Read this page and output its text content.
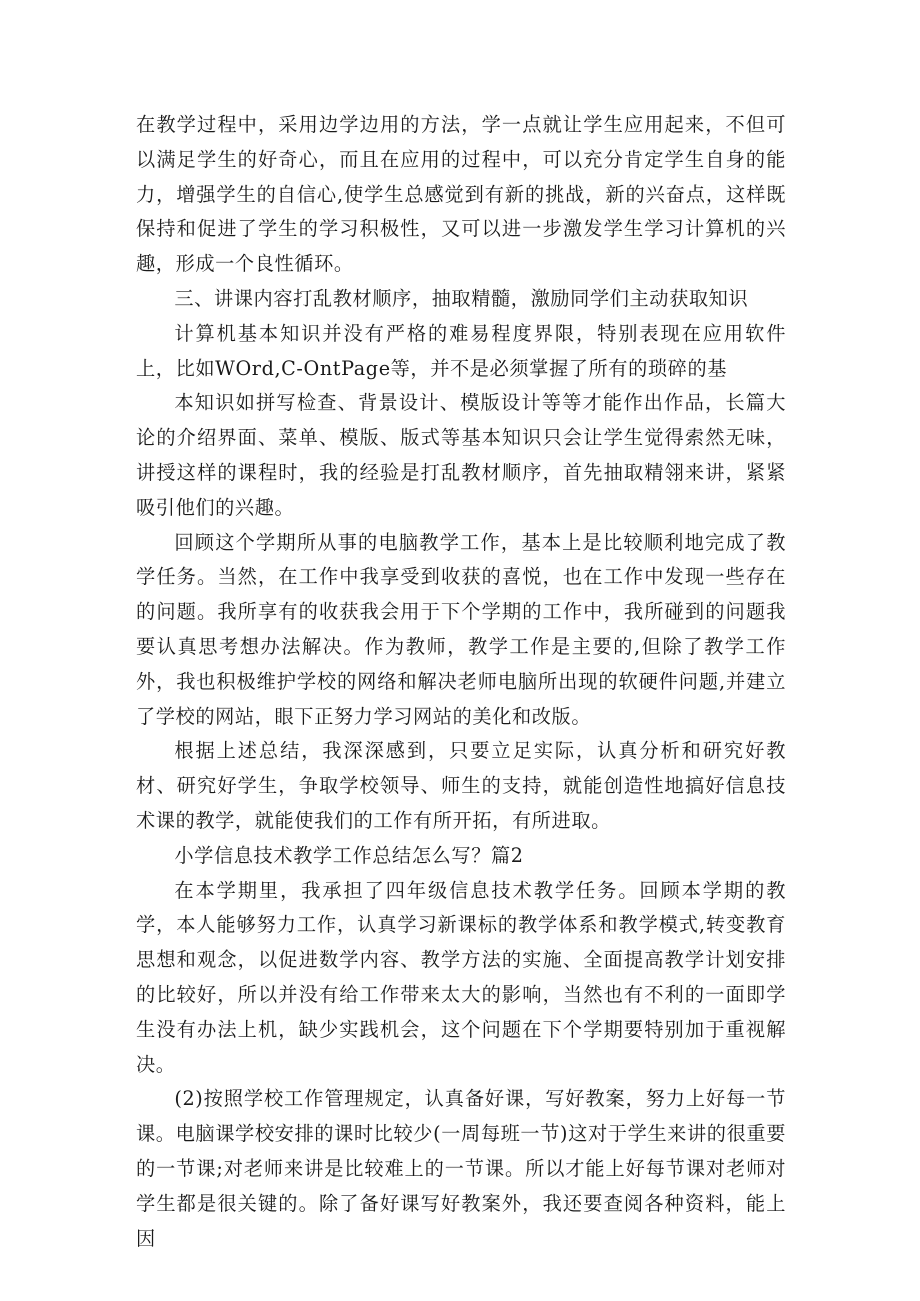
在教学过程中，采用边学边用的方法，学一点就让学生应用起来，不但可以满足学生的好奇心，而且在应用的过程中，可以充分肯定学生自身的能力，增强学生的自信心,使学生总感觉到有新的挑战，新的兴奋点，这样既保持和促进了学生的学习积极性，又可以进一步激发学生学习计算机的兴趣，形成一个良性循环。

三、讲课内容打乱教材顺序，抽取精髓，激励同学们主动获取知识

计算机基本知识并没有严格的难易程度界限，特别表现在应用软件上，比如WOrd,C-OntPage等，并不是必须掌握了所有的琐碎的基

本知识如拼写检查、背景设计、模版设计等等才能作出作品，长篇大论的介绍界面、菜单、模版、版式等基本知识只会让学生觉得索然无味，讲授这样的课程时，我的经验是打乱教材顺序，首先抽取精翎来讲，紧紧吸引他们的兴趣。

回顾这个学期所从事的电脑教学工作，基本上是比较顺利地完成了教学任务。当然，在工作中我享受到收获的喜悦，也在工作中发现一些存在的问题。我所享有的收获我会用于下个学期的工作中，我所碰到的问题我要认真思考想办法解决。作为教师，教学工作是主要的,但除了教学工作外，我也积极维护学校的网络和解决老师电脑所出现的软硬件问题,并建立了学校的网站，眼下正努力学习网站的美化和改版。

根据上述总结，我深深感到，只要立足实际，认真分析和研究好教材、研究好学生，争取学校领导、师生的支持，就能创造性地搞好信息技术课的教学，就能使我们的工作有所开拓，有所进取。

小学信息技术教学工作总结怎么写？篇2

在本学期里，我承担了四年级信息技术教学任务。回顾本学期的教学，本人能够努力工作，认真学习新课标的教学体系和教学模式,转变教育思想和观念，以促进数学内容、教学方法的实施、全面提高教学计划安排的比较好，所以并没有给工作带来太大的影响，当然也有不利的一面即学生没有办法上机，缺少实践机会，这个问题在下个学期要特别加于重视解决。

(2)按照学校工作管理规定，认真备好课，写好教案，努力上好每一节课。电脑课学校安排的课时比较少(一周每班一节)这对于学生来讲的很重要的一节课;对老师来讲是比较难上的一节课。所以才能上好每节课对老师对学生都是很关键的。除了备好课写好教案外，我还要查阅各种资料，能上因
